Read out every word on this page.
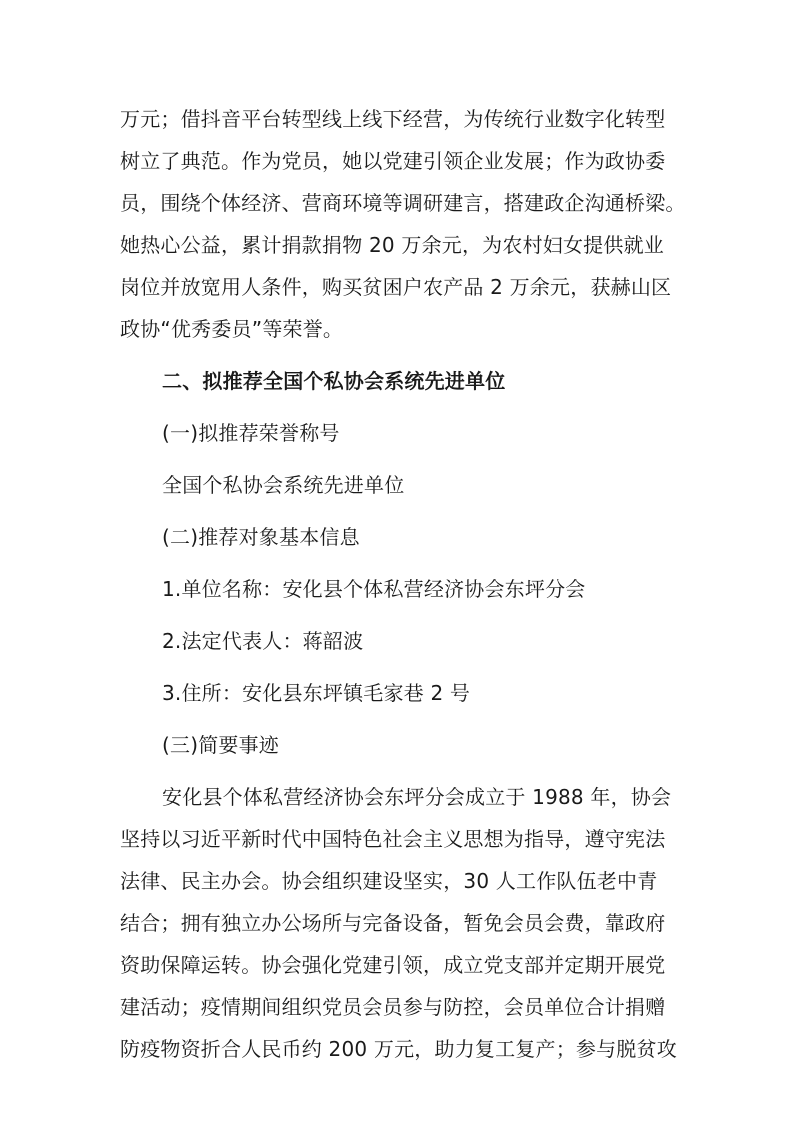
万元；借抖音平台转型线上线下经营，为传统行业数字化转型
树立了典范。作为党员，她以党建引领企业发展；作为政协委
员，围绕个体经济、营商环境等调研建言，搭建政企沟通桥梁。
她热心公益，累计捐款捐物 20 万余元，为农村妇女提供就业
岗位并放宽用人条件，购买贫困户农产品 2 万余元，获赫山区
政协“优秀委员”等荣誉。
二、拟推荐全国个私协会系统先进单位
(一)拟推荐荣誉称号
全国个私协会系统先进单位
(二)推荐对象基本信息
1.单位名称：安化县个体私营经济协会东坪分会
2.法定代表人：蒋韶波
3.住所：安化县东坪镇毛家巷 2 号
(三)简要事迹
安化县个体私营经济协会东坪分会成立于 1988 年，协会
坚持以习近平新时代中国特色社会主义思想为指导，遵守宪法
法律、民主办会。协会组织建设坚实，30 人工作队伍老中青
结合；拥有独立办公场所与完备设备，暂免会员会费，靠政府
资助保障运转。协会强化党建引领，成立党支部并定期开展党
建活动；疫情期间组织党员会员参与防控，会员单位合计捐赠
防疫物资折合人民币约 200 万元，助力复工复产；参与脱贫攻
